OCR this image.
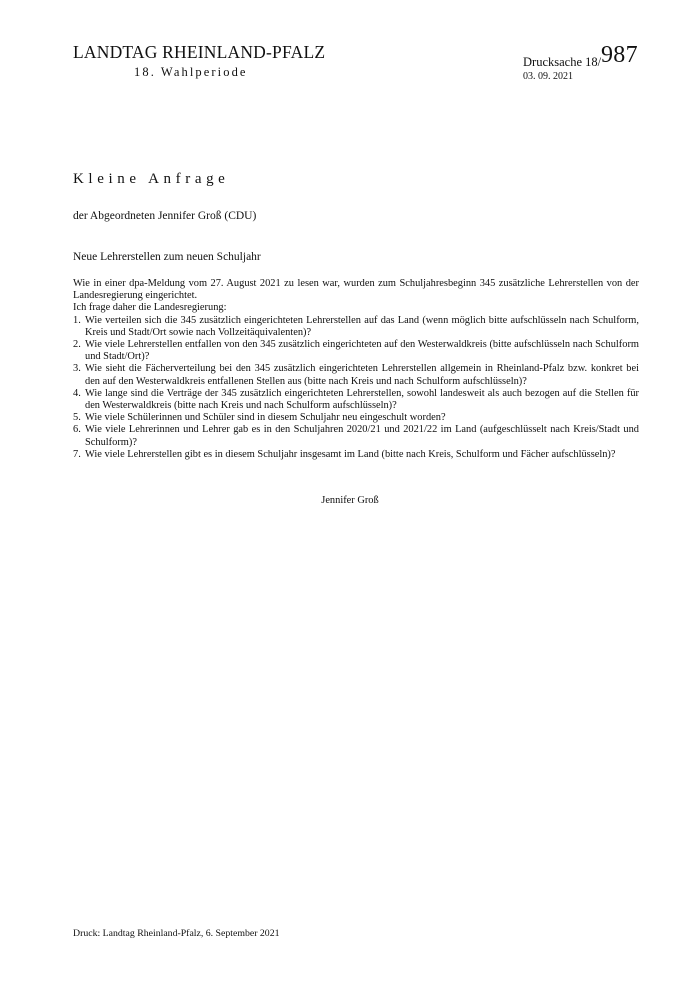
LANDTAG RHEINLAND-PFALZ
18. Wahlperiode
Drucksache 18/ 987
03. 09. 2021
Kleine Anfrage
der Abgeordneten Jennifer Groß (CDU)
Neue Lehrerstellen zum neuen Schuljahr

Wie in einer dpa-Meldung vom 27. August 2021 zu lesen war, wurden zum Schuljahresbeginn 345 zusätzliche Lehrerstellen von der Landesregierung eingerichtet.

Ich frage daher die Landesregierung:

1. Wie verteilen sich die 345 zusätzlich eingerichteten Lehrerstellen auf das Land (wenn möglich bitte aufschlüsseln nach Schulform, Kreis und Stadt/Ort sowie nach Vollzeitäquivalenten)?
2. Wie viele Lehrerstellen entfallen von den 345 zusätzlich eingerichteten auf den Westerwaldkreis (bitte aufschlüsseln nach Schulform und Stadt/Ort)?
3. Wie sieht die Fächerverteilung bei den 345 zusätzlich eingerichteten Lehrerstellen allgemein in Rheinland-Pfalz bzw. konkret bei den auf den Westerwaldkreis entfallenen Stellen aus (bitte nach Kreis und nach Schulform aufschlüsseln)?
4. Wie lange sind die Verträge der 345 zusätzlich eingerichteten Lehrerstellen, sowohl landesweit als auch bezogen auf die Stellen für den Westerwaldkreis (bitte nach Kreis und nach Schulform aufschlüsseln)?
5. Wie viele Schülerinnen und Schüler sind in diesem Schuljahr neu eingeschult worden?
6. Wie viele Lehrerinnen und Lehrer gab es in den Schuljahren 2020/21 und 2021/22 im Land (aufgeschlüsselt nach Kreis/Stadt und Schulform)?
7. Wie viele Lehrerstellen gibt es in diesem Schuljahr insgesamt im Land (bitte nach Kreis, Schulform und Fächer aufschlüsseln)?
Jennifer Groß
Druck: Landtag Rheinland-Pfalz, 6. September 2021
